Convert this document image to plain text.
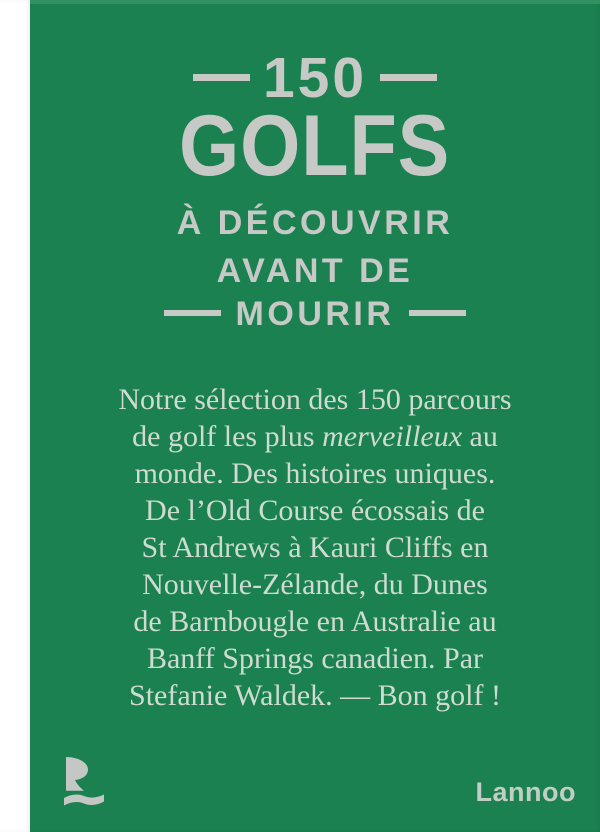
150
GOLFS
À DÉCOUVRIR
AVANT DE
MOURIR
Notre sélection des 150 parcours
de golf les plus merveilleux au
monde. Des histoires uniques.
De l’Old Course écossais de
St Andrews à Kauri Cliffs en
Nouvelle-Zélande, du Dunes
de Barnbougle en Australie au
Banff Springs canadien. Par
Stefanie Waldek. — Bon golf !
Lannoo
